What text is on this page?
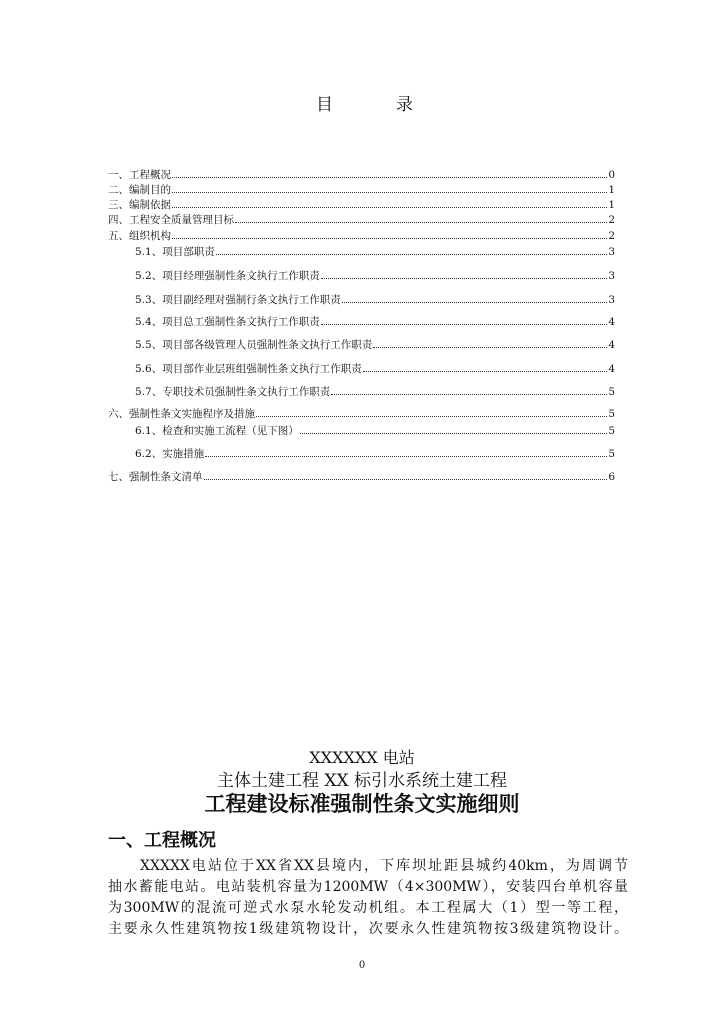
目	录
一、工程概况	0
二、编制目的	1
三、编制依据	1
四、工程安全质量管理目标	2
五、组织机构	2
5.1、项目部职责	3
5.2、项目经理强制性条文执行工作职责	3
5.3、项目副经理对强制行条文执行工作职责	3
5.4、项目总工强制性条文执行工作职责	4
5.5、项目部各级管理人员强制性条文执行工作职责	4
5.6、项目部作业层班组强制性条文执行工作职责	4
5.7、专职技术员强制性条文执行工作职责	5
六、强制性条文实施程序及措施	5
6.1、检查和实施工流程（见下图）	5
6.2、实施措施	5
七、强制性条文清单	6
XXXXXX 电站
主体土建工程 XX 标引水系统土建工程
工程建设标准强制性条文实施细则
一、工程概况
　　XXXXX电站位于XX省XX县境内，下库坝址距县城约40km，为周调节
抽水蓄能电站。电站装机容量为1200MW（4×300MW），安装四台单机容量
为300MW的混流可逆式水泵水轮发动机组。本工程属大（1）型一等工程，
主要永久性建筑物按1级建筑物设计，次要永久性建筑物按3级建筑物设计。
0
